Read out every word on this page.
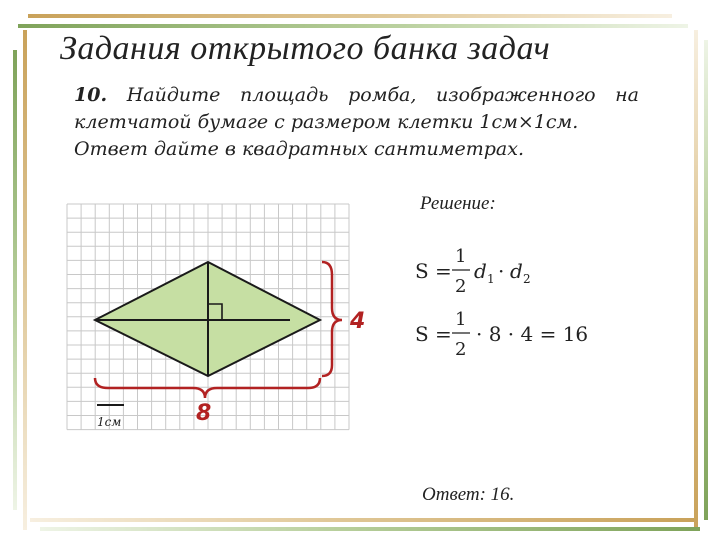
Задания открытого банка задач
10. Найдите площадь ромба, изображенного на
клетчатой бумаге с размером клетки 1см×1см.
Ответ дайте в квадратных сантиметрах.
4
8
1см
S =
1
2
d 1 · d 2
S =
1
2
· 8 · 4 = 16
Решение:
Ответ: 16.
